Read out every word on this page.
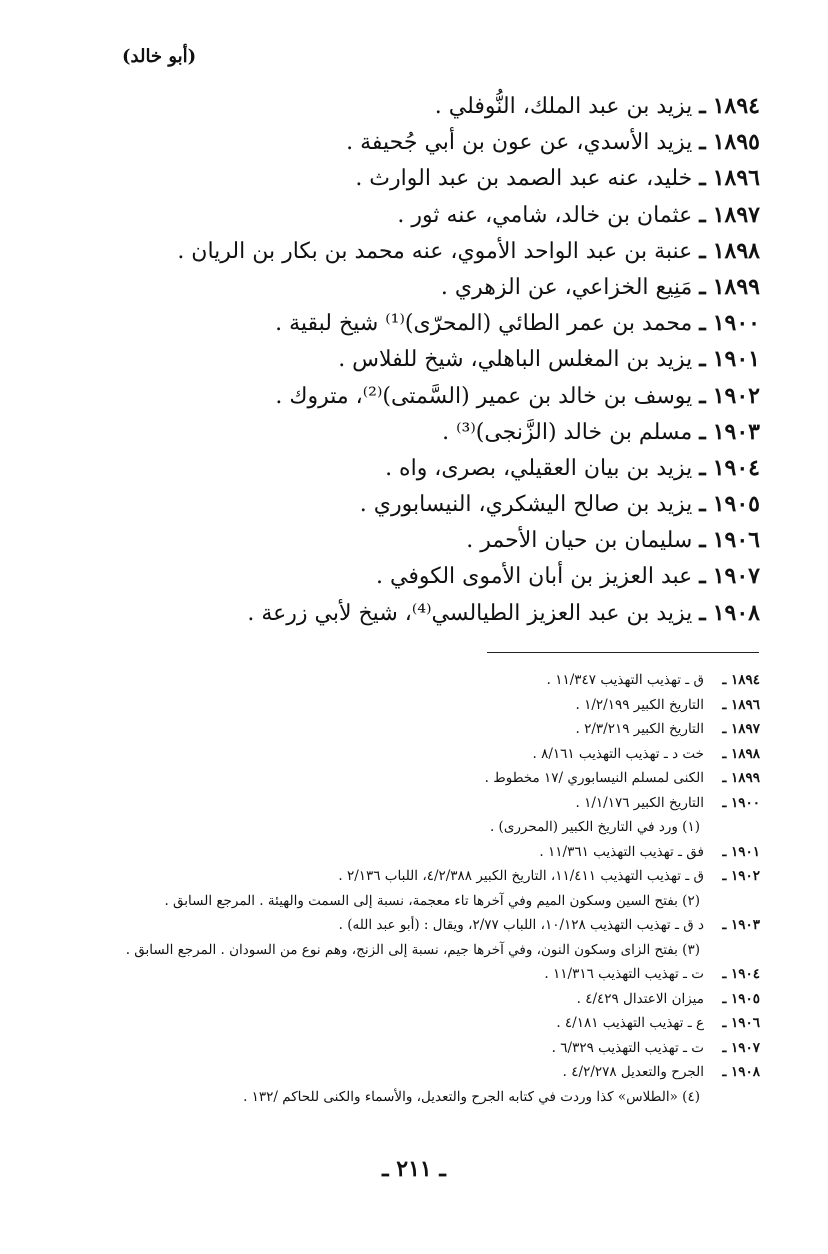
(أبو خالد)
١٨٩٤ ـ يزيد بن عبد الملك، النُّوفلي .
١٨٩٥ ـ يزيد الأسدي، عن عون بن أبي جُحيفة .
١٨٩٦ ـ خليد، عنه عبد الصمد بن عبد الوارث .
١٨٩٧ ـ عثمان بن خالد، شامي، عنه ثور .
١٨٩٨ ـ عنبة بن عبد الواحد الأموي، عنه محمد بن بكار بن الريان .
١٨٩٩ ـ مَنِيع الخزاعي، عن الزهري .
١٩٠٠ ـ محمد بن عمر الطائي (المحرّى)⁽¹⁾ شيخ لبقية .
١٩٠١ ـ يزيد بن المغلس الباهلي، شيخ للفلاس .
١٩٠٢ ـ يوسف بن خالد بن عمير (السَّمتى)⁽²⁾، متروك .
١٩٠٣ ـ مسلم بن خالد (الزَّنجى)⁽³⁾ .
١٩٠٤ ـ يزيد بن بيان العقيلي، بصرى، واه .
١٩٠٥ ـ يزيد بن صالح اليشكري، النيسابوري .
١٩٠٦ ـ سليمان بن حيان الأحمر .
١٩٠٧ ـ عبد العزيز بن أبان الأموى الكوفي .
١٩٠٨ ـ يزيد بن عبد العزيز الطيالسي⁽⁴⁾، شيخ لأبي زرعة .
١٨٩٤ ـق ـ تهذيب التهذيب ١١/٣٤٧ .
١٨٩٦ ـالتاريخ الكبير ١/٢/١٩٩ .
١٨٩٧ ـالتاريخ الكبير ٢/٣/٢١٩ .
١٨٩٨ ـخت د ـ تهذيب التهذيب ٨/١٦١ .
١٨٩٩ ـالكنى لمسلم النيسابوري /١٧ مخطوط .
١٩٠٠ ـالتاريخ الكبير ١/١/١٧٦ .
(١) ورد في التاريخ الكبير (المحررى) .
١٩٠١ ـفق ـ تهذيب التهذيب ١١/٣٦١ .
١٩٠٢ ـق ـ تهذيب التهذيب ١١/٤١١، التاريخ الكبير ٤/٢/٣٨٨، اللباب ٢/١٣٦ .
(٢) بفتح السين وسكون الميم وفي آخرها تاء معجمة، نسبة إلى السمت والهيئة . المرجع السابق .
١٩٠٣ ـد ق ـ تهذيب التهذيب ١٠/١٢٨، اللباب ٢/٧٧، ويقال : (أبو عبد الله) .
(٣) بفتح الزاى وسكون النون، وفي آخرها جيم، نسبة إلى الزنج، وهم نوع من السودان . المرجع السابق .
١٩٠٤ ـت ـ تهذيب التهذيب ١١/٣١٦ .
١٩٠٥ ـميزان الاعتدال ٤/٤٢٩ .
١٩٠٦ ـع ـ تهذيب التهذيب ٤/١٨١ .
١٩٠٧ ـت ـ تهذيب التهذيب ٦/٣٢٩ .
١٩٠٨ ـالجرح والتعديل ٤/٢/٢٧٨ .
(٤) «الطلاس» كذا وردت في كتابه الجرح والتعديل، والأسماء والكنى للحاكم /١٣٢ .
ـ ٢١١ ـ
